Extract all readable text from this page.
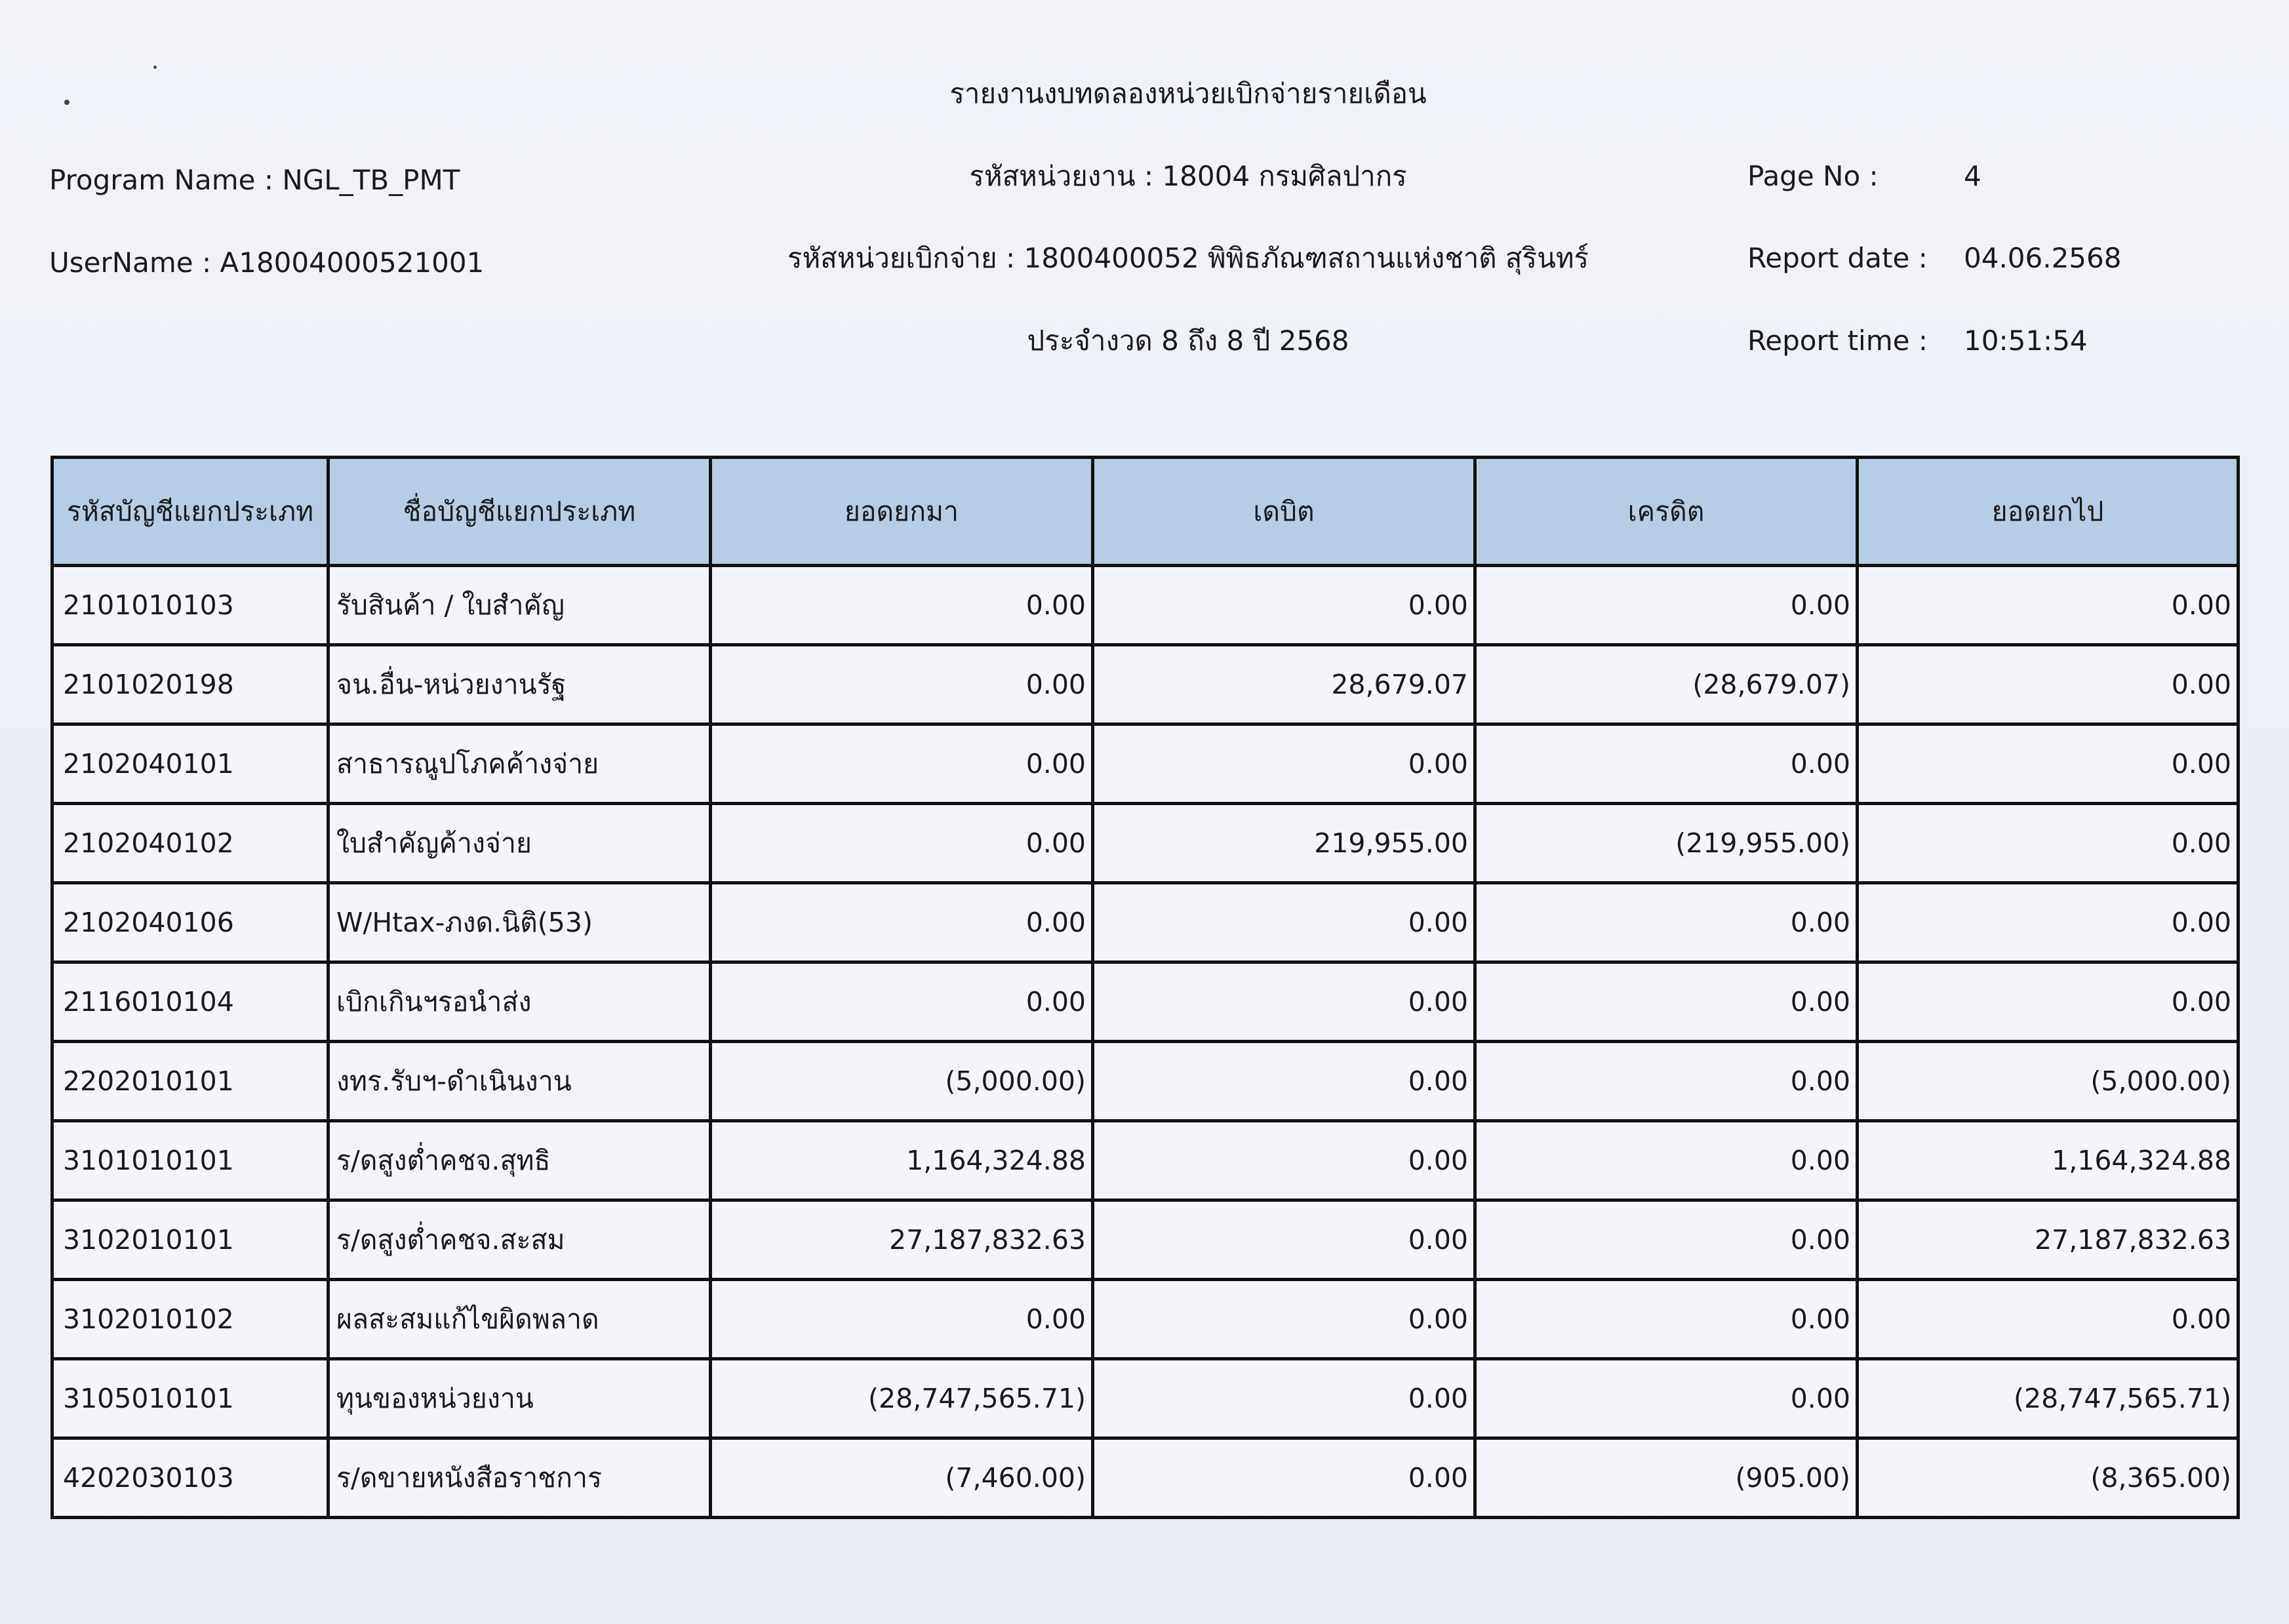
รายงานงบทดลองหน่วยเบิกจ่ายรายเดือน
Program Name : NGL_TB_PMT	รหัสหน่วยงาน : 18004 กรมศิลปากร	Page No :	4
UserName : A18004000521001	รหัสหน่วยเบิกจ่าย : 1800400052 พิพิธภัณฑสถานแห่งชาติ สุรินทร์	Report date : 04.06.2568
ประจำงวด 8 ถึง 8 ปี 2568	Report time : 10:51:54
รหัสบัญชีแยกประเภท	ชื่อบัญชีแยกประเภท	ยอดยกมา	เดบิต	เครดิต	ยอดยกไป
2101010103	รับสินค้า / ใบสำคัญ	0.00	0.00	0.00	0.00
2101020198	จน.อื่น-หน่วยงานรัฐ	0.00	28,679.07	(28,679.07)	0.00
2102040101	สาธารณูปโภคค้างจ่าย	0.00	0.00	0.00	0.00
2102040102	ใบสำคัญค้างจ่าย	0.00	219,955.00	(219,955.00)	0.00
2102040106	W/Htax-ภงด.นิติ(53)	0.00	0.00	0.00	0.00
2116010104	เบิกเกินฯรอนำส่ง	0.00	0.00	0.00	0.00
2202010101	งทร.รับฯ-ดำเนินงาน	(5,000.00)	0.00	0.00	(5,000.00)
3101010101	ร/ดสูงต่ำคชจ.สุทธิ	1,164,324.88	0.00	0.00	1,164,324.88
3102010101	ร/ดสูงต่ำคชจ.สะสม	27,187,832.63	0.00	0.00	27,187,832.63
3102010102	ผลสะสมแก้ไขผิดพลาด	0.00	0.00	0.00	0.00
3105010101	ทุนของหน่วยงาน	(28,747,565.71)	0.00	0.00	(28,747,565.71)
4202030103	ร/ดขายหนังสือราชการ	(7,460.00)	0.00	(905.00)	(8,365.00)
